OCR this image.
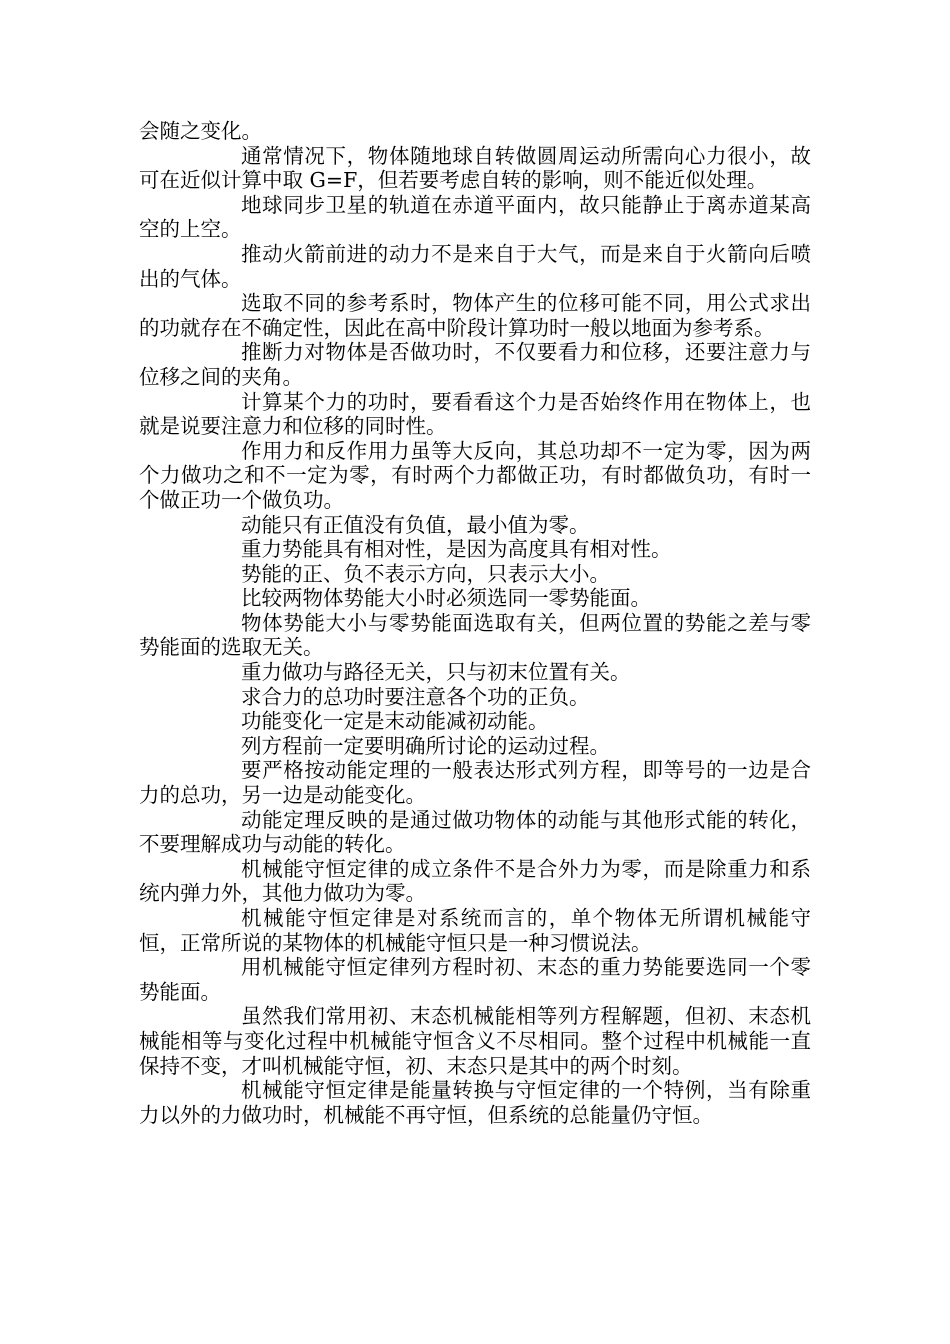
会随之变化。

通常情况下，物体随地球自转做圆周运动所需向心力很小，故可在近似计算中取 G=F，但若要考虑自转的影响，则不能近似处理。

地球同步卫星的轨道在赤道平面内，故只能静止于离赤道某高空的上空。

推动火箭前进的动力不是来自于大气，而是来自于火箭向后喷出的气体。

选取不同的参考系时，物体产生的位移可能不同，用公式求出的功就存在不确定性，因此在高中阶段计算功时一般以地面为参考系。

推断力对物体是否做功时，不仅要看力和位移，还要注意力与位移之间的夹角。

计算某个力的功时，要看看这个力是否始终作用在物体上，也就是说要注意力和位移的同时性。

作用力和反作用力虽等大反向，其总功却不一定为零，因为两个力做功之和不一定为零，有时两个力都做正功，有时都做负功，有时一个做正功一个做负功。

动能只有正值没有负值，最小值为零。

重力势能具有相对性，是因为高度具有相对性。

势能的正、负不表示方向，只表示大小。

比较两物体势能大小时必须选同一零势能面。

物体势能大小与零势能面选取有关，但两位置的势能之差与零势能面的选取无关。

重力做功与路径无关，只与初末位置有关。

求合力的总功时要注意各个功的正负。

功能变化一定是末动能减初动能。

列方程前一定要明确所讨论的运动过程。

要严格按动能定理的一般表达形式列方程，即等号的一边是合力的总功，另一边是动能变化。

动能定理反映的是通过做功物体的动能与其他形式能的转化，不要理解成功与动能的转化。

机械能守恒定律的成立条件不是合外力为零，而是除重力和系统内弹力外，其他力做功为零。

机械能守恒定律是对系统而言的，单个物体无所谓机械能守恒，正常所说的某物体的机械能守恒只是一种习惯说法。

用机械能守恒定律列方程时初、末态的重力势能要选同一个零势能面。

虽然我们常用初、末态机械能相等列方程解题，但初、末态机械能相等与变化过程中机械能守恒含义不尽相同。整个过程中机械能一直保持不变，才叫机械能守恒，初、末态只是其中的两个时刻。

机械能守恒定律是能量转换与守恒定律的一个特例，当有除重力以外的力做功时，机械能不再守恒，但系统的总能量仍守恒。
